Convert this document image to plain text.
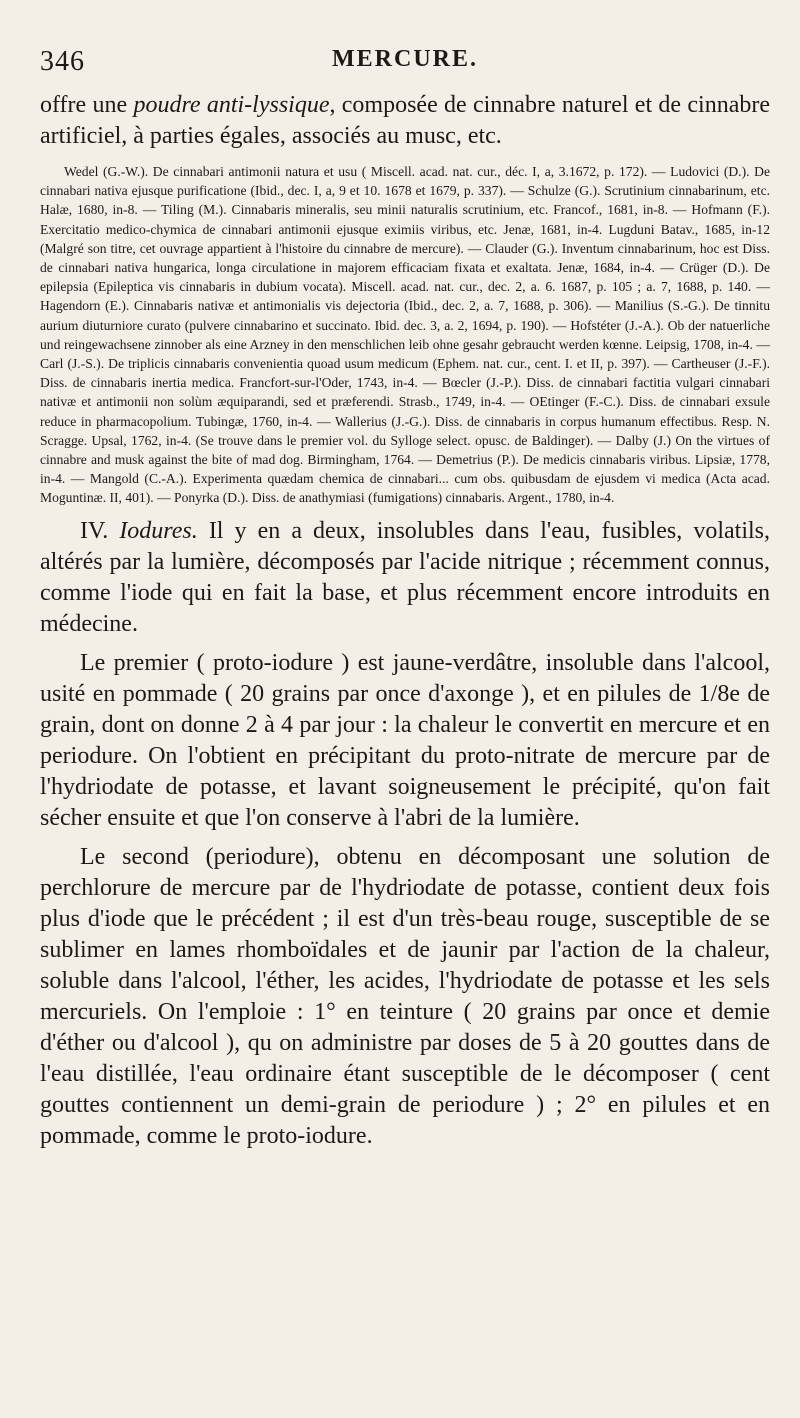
346	MERCURE.

offre une poudre anti-lyssique, composée de cinnabre naturel et de cinnabre artificiel, à parties égales, associés au musc, etc.

Wedel (G.-W.). De cinnabari antimonii natura et usu ( Miscell. acad. nat. cur., déc. I, a, 3.1672, p. 172). — Ludovici (D.). De cinnabari nativa ejusque purificatione (Ibid., dec. I, a, 9 et 10. 1678 et 1679, p. 337). — Schulze (G.). Scrutinium cinnabarinum, etc. Halæ, 1680, in-8. — Tiling (M.). Cinnabaris mineralis, seu minii naturalis scrutinium, etc. Francof., 1681, in-8. — Hofmann (F.). Exercitatio medico-chymica de cinnabari antimonii ejusque eximiis viribus, etc. Jenæ, 1681, in-4. Lugduni Batav., 1685, in-12 (Malgré son titre, cet ouvrage appartient à l'histoire du cinnabre de mercure). — Clauder (G.). Inventum cinnabarinum, hoc est Diss. de cinnabari nativa hungarica, longa circulatione in majorem efficaciam fixata et exaltata. Jenæ, 1684, in-4. — Crüger (D.). De epilepsia (Epileptica vis cinnabaris in dubium vocata). Miscell. acad. nat. cur., dec. 2, a. 6. 1687, p. 105 ; a. 7, 1688, p. 140. — Hagendorn (E.). Cinnabaris nativæ et antimonialis vis dejectoria (Ibid., dec. 2, a. 7, 1688, p. 306). — Manilius (S.-G.). De tinnitu aurium diuturniore curato (pulvere cinnabarino et succinato. Ibid. dec. 3, a. 2, 1694, p. 190). — Hofstéter (J.-A.). Ob der natuerliche und reingewachsene zinnober als eine Arzney in den menschlichen leib ohne gesahr gebraucht werden kœnne. Leipsig, 1708, in-4. — Carl (J.-S.). De triplicis cinnabaris convenientia quoad usum medicum (Ephem. nat. cur., cent. I. et II, p. 397). — Cartheuser (J.-F.). Diss. de cinnabaris inertia medica. Francfort-sur-l'Oder, 1743, in-4. — Bœcler (J.-P.). Diss. de cinnabari factitia vulgari cinnabari nativæ et antimonii non solùm æquiparandi, sed et præferendi. Strasb., 1749, in-4. — OEtinger (F.-C.). Diss. de cinnabari exsule reduce in pharmacopolium. Tubingæ, 1760, in-4. — Wallerius (J.-G.). Diss. de cinnabaris in corpus humanum effectibus. Resp. N. Scragge. Upsal, 1762, in-4. (Se trouve dans le premier vol. du Sylloge select. opusc. de Baldinger). — Dalby (J.) On the virtues of cinnabre and musk against the bite of mad dog. Birmingham, 1764. — Demetrius (P.). De medicis cinnabaris viribus. Lipsiæ, 1778, in-4. — Mangold (C.-A.). Experimenta quædam chemica de cinnabari... cum obs. quibusdam de ejusdem vi medica (Acta acad. Moguntinæ. II, 401). — Ponyrka (D.). Diss. de anathymiasi (fumigations) cinnabaris. Argent., 1780, in-4.

IV. Iodures. Il y en a deux, insolubles dans l'eau, fusibles, volatils, altérés par la lumière, décomposés par l'acide nitrique ; récemment connus, comme l'iode qui en fait la base, et plus récemment encore introduits en médecine.

Le premier ( proto-iodure ) est jaune-verdâtre, insoluble dans l'alcool, usité en pommade ( 20 grains par once d'axonge ), et en pilules de 1/8e de grain, dont on donne 2 à 4 par jour : la chaleur le convertit en mercure et en periodure. On l'obtient en précipitant du proto-nitrate de mercure par de l'hydriodate de potasse, et lavant soigneusement le précipité, qu'on fait sécher ensuite et que l'on conserve à l'abri de la lumière.

Le second (periodure), obtenu en décomposant une solution de perchlorure de mercure par de l'hydriodate de potasse, contient deux fois plus d'iode que le précédent ; il est d'un très-beau rouge, susceptible de se sublimer en lames rhomboïdales et de jaunir par l'action de la chaleur, soluble dans l'alcool, l'éther, les acides, l'hydriodate de potasse et les sels mercuriels. On l'emploie : 1° en teinture ( 20 grains par once et demie d'éther ou d'alcool ), qu on administre par doses de 5 à 20 gouttes dans de l'eau distillée, l'eau ordinaire étant susceptible de le décomposer ( cent gouttes contiennent un demi-grain de periodure ) ; 2° en pilules et en pommade, comme le proto-iodure.
